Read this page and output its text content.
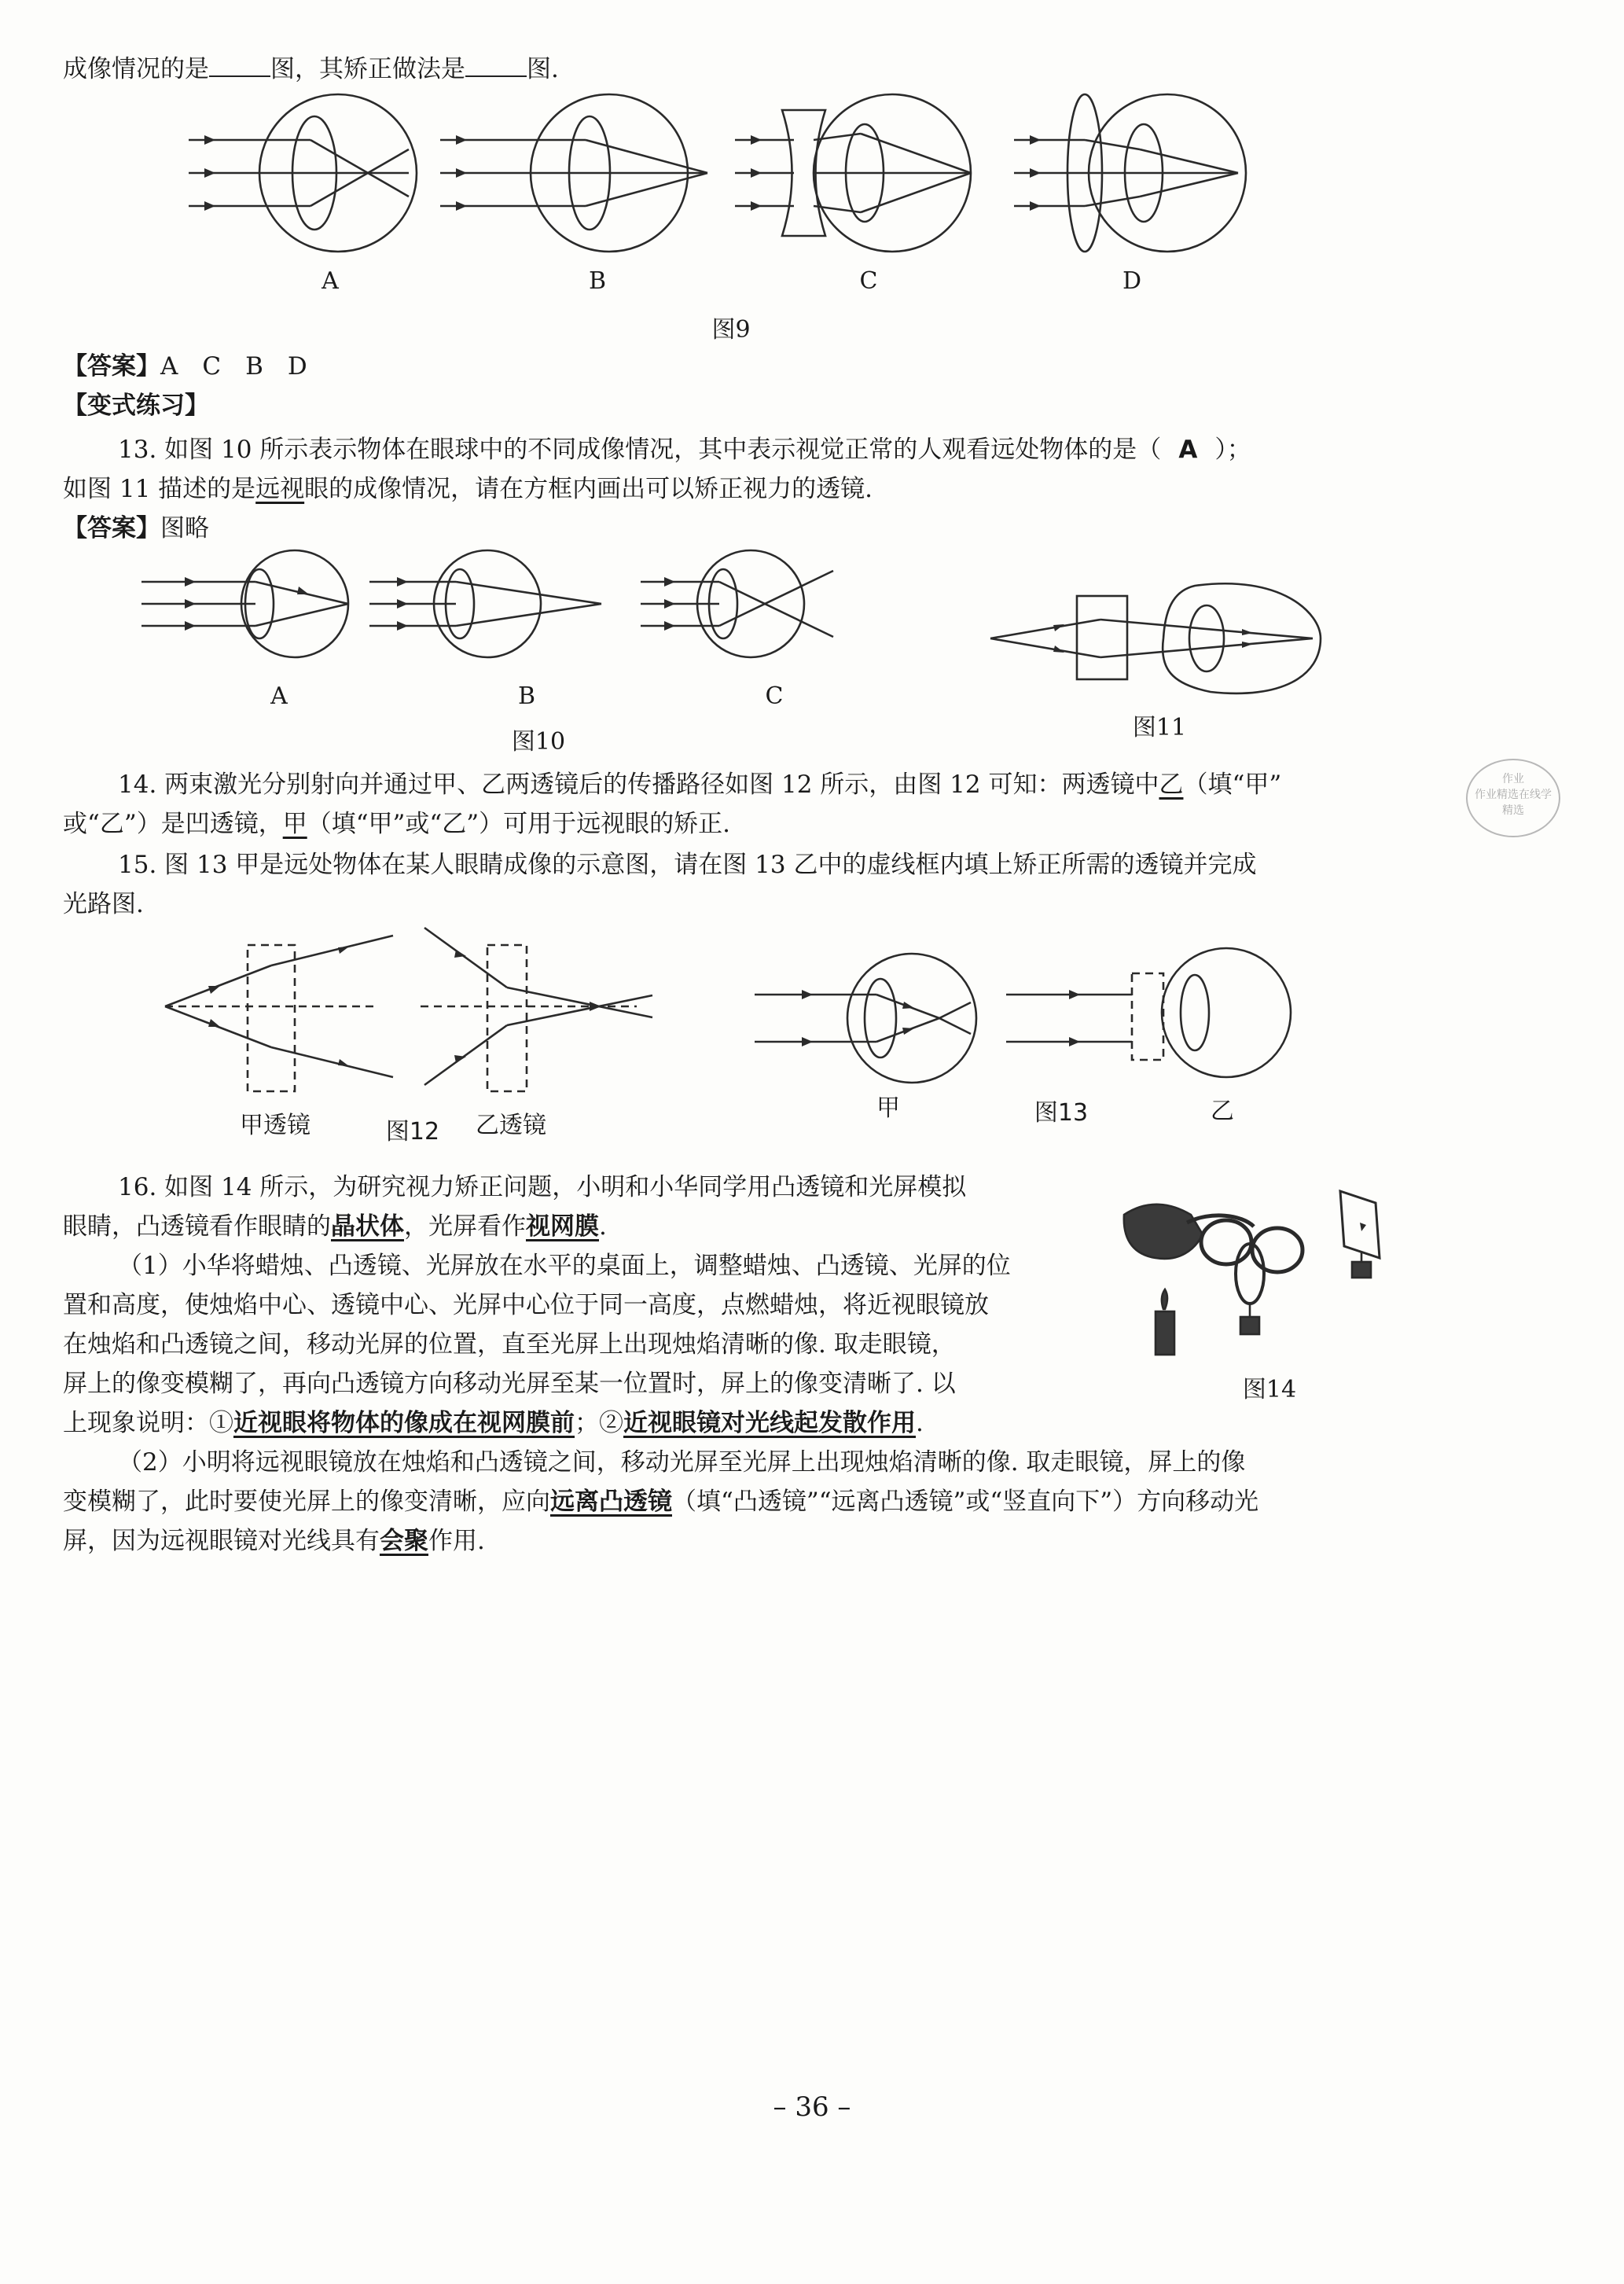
成像情况的是	图，其矫正做法是	图.
A	B	C	D
图9
【答案】A　C　B　D
【变式练习】
13. 如图 10 所示表示物体在眼球中的不同成像情况，其中表示视觉正常的人观看远处物体的是（ A ）；
如图 11 描述的是远视眼的成像情况，请在方框内画出可以矫正视力的透镜.
【答案】图略
A	B	C
图10
图11
14. 两束激光分别射向并通过甲、乙两透镜后的传播路径如图 12 所示，由图 12 可知：两透镜中乙（填“甲”
或“乙”）是凹透镜，甲（填“甲”或“乙”）可用于远视眼的矫正.
15. 图 13 甲是远处物体在某人眼睛成像的示意图，请在图 13 乙中的虚线框内填上矫正所需的透镜并完成
光路图.
甲透镜	图12	乙透镜
甲	图13	乙
16. 如图 14 所示，为研究视力矫正问题，小明和小华同学用凸透镜和光屏模拟
眼睛，凸透镜看作眼睛的晶状体，光屏看作视网膜.
（1）小华将蜡烛、凸透镜、光屏放在水平的桌面上，调整蜡烛、凸透镜、光屏的位
置和高度，使烛焰中心、透镜中心、光屏中心位于同一高度，点燃蜡烛，将近视眼镜放
在烛焰和凸透镜之间，移动光屏的位置，直至光屏上出现烛焰清晰的像. 取走眼镜，
屏上的像变模糊了，再向凸透镜方向移动光屏至某一位置时，屏上的像变清晰了. 以
上现象说明：①近视眼将物体的像成在视网膜前；②近视眼镜对光线起发散作用.
（2）小明将远视眼镜放在烛焰和凸透镜之间，移动光屏至光屏上出现烛焰清晰的像. 取走眼镜，屏上的像
变模糊了，此时要使光屏上的像变清晰，应向远离凸透镜（填“凸透镜”“远离凸透镜”或“竖直向下”）方向移动光
屏，因为远视眼镜对光线具有会聚作用.
图14
作业
作业精选在线学
精选
– 36 –
